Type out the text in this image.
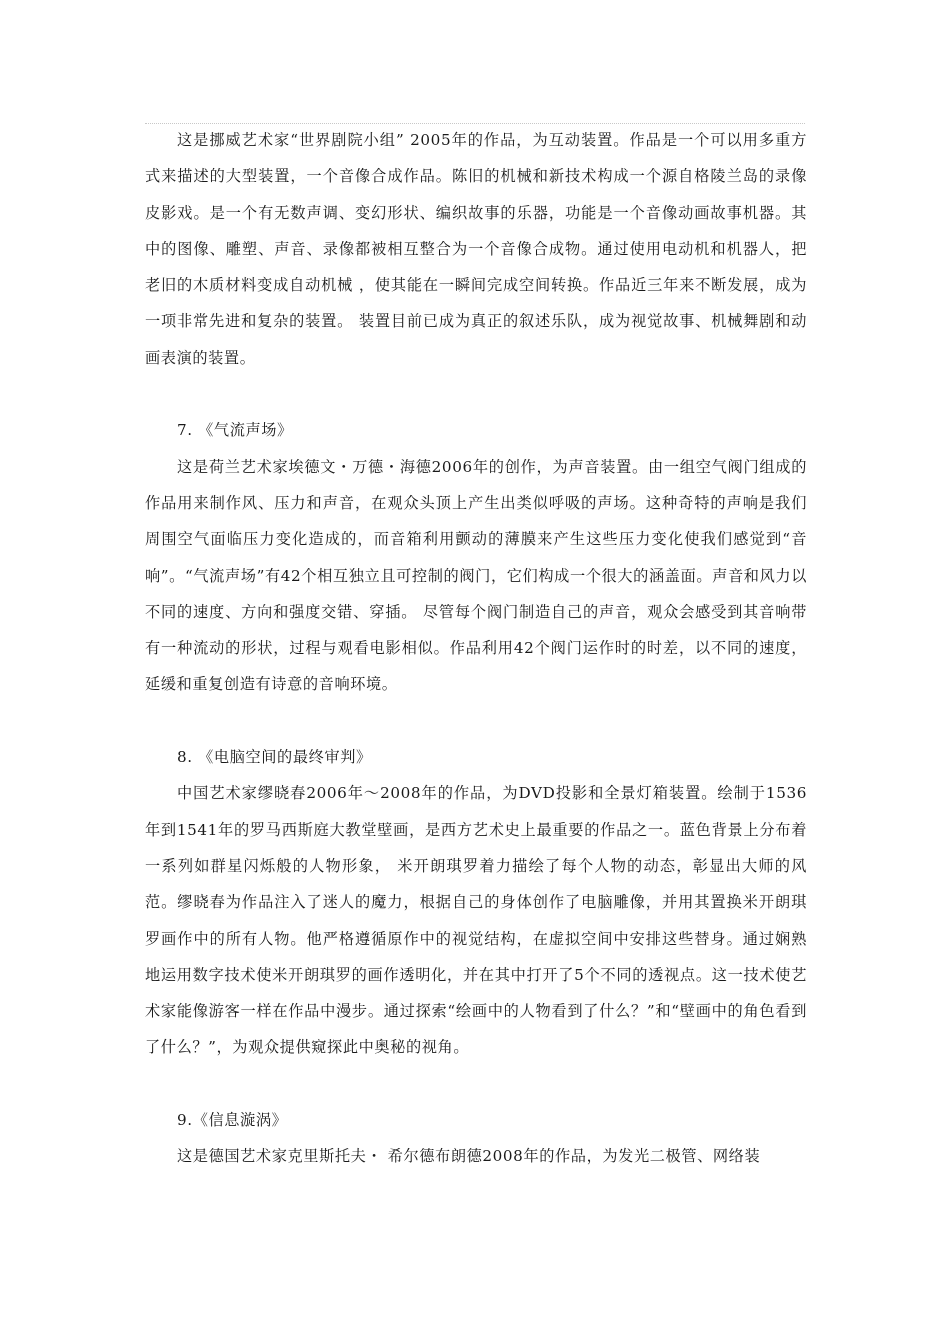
这是挪威艺术家“世界剧院小组” 2005年的作品，为互动装置。作品是一个可以用多重方式来描述的大型装置，一个音像合成作品。陈旧的机械和新技术构成一个源自格陵兰岛的录像皮影戏。是一个有无数声调、变幻形状、编织故事的乐器，功能是一个音像动画故事机器。其中的图像、雕塑、声音、录像都被相互整合为一个音像合成物。通过使用电动机和机器人，把老旧的木质材料变成自动机械 ，使其能在一瞬间完成空间转换。作品近三年来不断发展，成为一项非常先进和复杂的装置。 装置目前已成为真正的叙述乐队，成为视觉故事、机械舞剧和动画表演的装置。

7. 《气流声场》

这是荷兰艺术家埃德文・万德・海德2006年的创作，为声音装置。由一组空气阀门组成的作品用来制作风、压力和声音，在观众头顶上产生出类似呼吸的声场。这种奇特的声响是我们周围空气面临压力变化造成的，而音箱利用颤动的薄膜来产生这些压力变化使我们感觉到“音响”。“气流声场”有42个相互独立且可控制的阀门，它们构成一个很大的涵盖面。声音和风力以不同的速度、方向和强度交错、穿插。 尽管每个阀门制造自己的声音，观众会感受到其音响带有一种流动的形状，过程与观看电影相似。作品利用42个阀门运作时的时差，以不同的速度，延缓和重复创造有诗意的音响环境。

8. 《电脑空间的最终审判》

中国艺术家缪晓春2006年～2008年的作品，为DVD投影和全景灯箱装置。绘制于1536年到1541年的罗马西斯庭大教堂壁画，是西方艺术史上最重要的作品之一。蓝色背景上分布着一系列如群星闪烁般的人物形象， 米开朗琪罗着力描绘了每个人物的动态，彰显出大师的风范。缪晓春为作品注入了迷人的魔力，根据自己的身体创作了电脑雕像，并用其置换米开朗琪罗画作中的所有人物。他严格遵循原作中的视觉结构，在虚拟空间中安排这些替身。通过娴熟地运用数字技术使米开朗琪罗的画作透明化，并在其中打开了5个不同的透视点。这一技术使艺术家能像游客一样在作品中漫步。通过探索“绘画中的人物看到了什么？”和“壁画中的角色看到了什么？”，为观众提供窥探此中奥秘的视角。

9.《信息漩涡》

这是德国艺术家克里斯托夫・ 希尔德布朗德2008年的作品，为发光二极管、网络装
